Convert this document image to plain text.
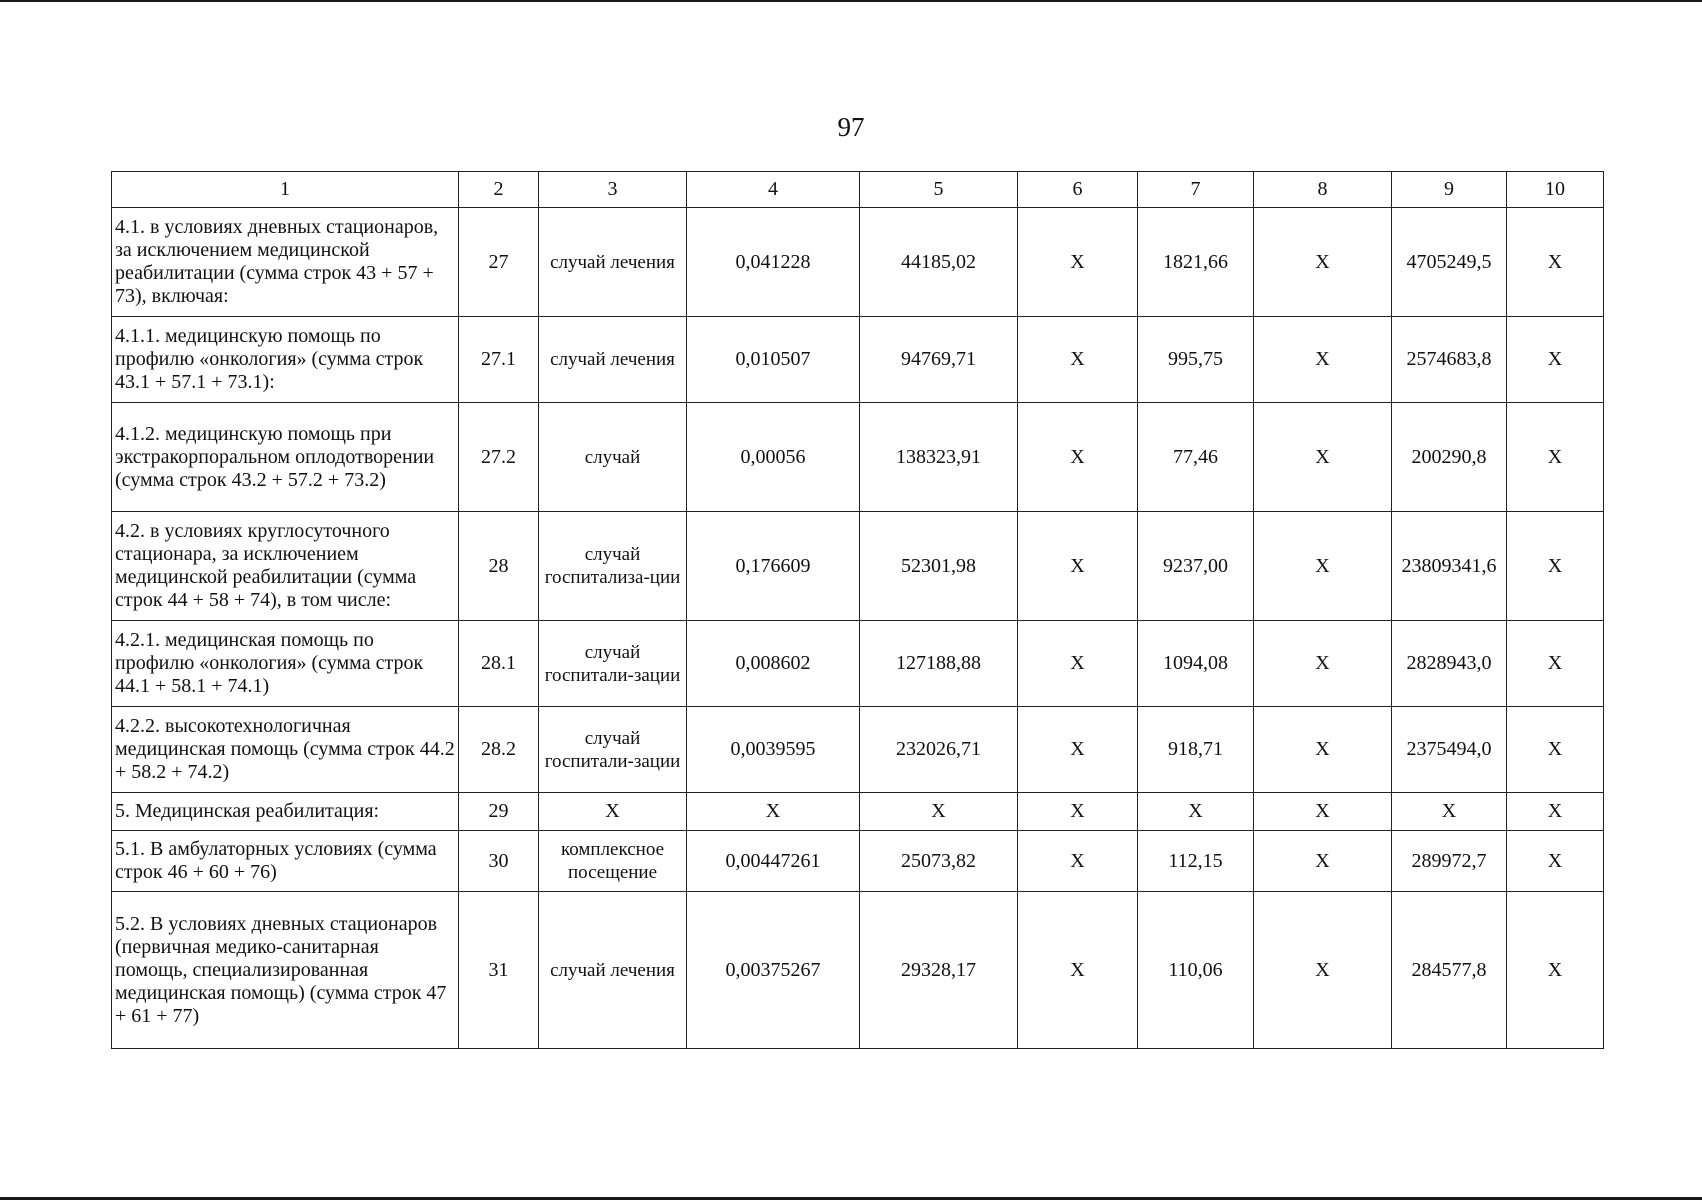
97
1	2	3	4	5	6	7	8	9	10
4.1. в условиях дневных стационаров, за исключением медицинской реабилитации (сумма строк 43 + 57 + 73), включая:	27	случай лечения	0,041228	44185,02	Х	1821,66	Х	4705249,5	Х
4.1.1. медицинскую помощь по профилю «онкология» (сумма строк 43.1 + 57.1 + 73.1):	27.1	случай лечения	0,010507	94769,71	Х	995,75	Х	2574683,8	Х
4.1.2. медицинскую помощь при экстракорпоральном оплодотворении (сумма строк 43.2 + 57.2 + 73.2)	27.2	случай	0,00056	138323,91	Х	77,46	Х	200290,8	Х
4.2. в условиях круглосуточного стационара, за исключением медицинской реабилитации (сумма строк 44 + 58 + 74), в том числе:	28	случай госпитализа-ции	0,176609	52301,98	Х	9237,00	Х	23809341,6	Х
4.2.1. медицинская помощь по профилю «онкология» (сумма строк 44.1 + 58.1 + 74.1)	28.1	случай госпитали-зации	0,008602	127188,88	Х	1094,08	Х	2828943,0	Х
4.2.2. высокотехнологичная медицинская помощь (сумма строк 44.2 + 58.2 + 74.2)	28.2	случай госпитали-зации	0,0039595	232026,71	Х	918,71	Х	2375494,0	Х
5. Медицинская реабилитация:	29	Х	Х	Х	Х	Х	Х	Х	Х
5.1. В амбулаторных условиях (сумма строк 46 + 60 + 76)	30	комплексное посещение	0,00447261	25073,82	Х	112,15	Х	289972,7	Х
5.2. В условиях дневных стационаров (первичная медико-санитарная помощь, специализированная медицинская помощь) (сумма строк 47 + 61 + 77)	31	случай лечения	0,00375267	29328,17	Х	110,06	Х	284577,8	Х
